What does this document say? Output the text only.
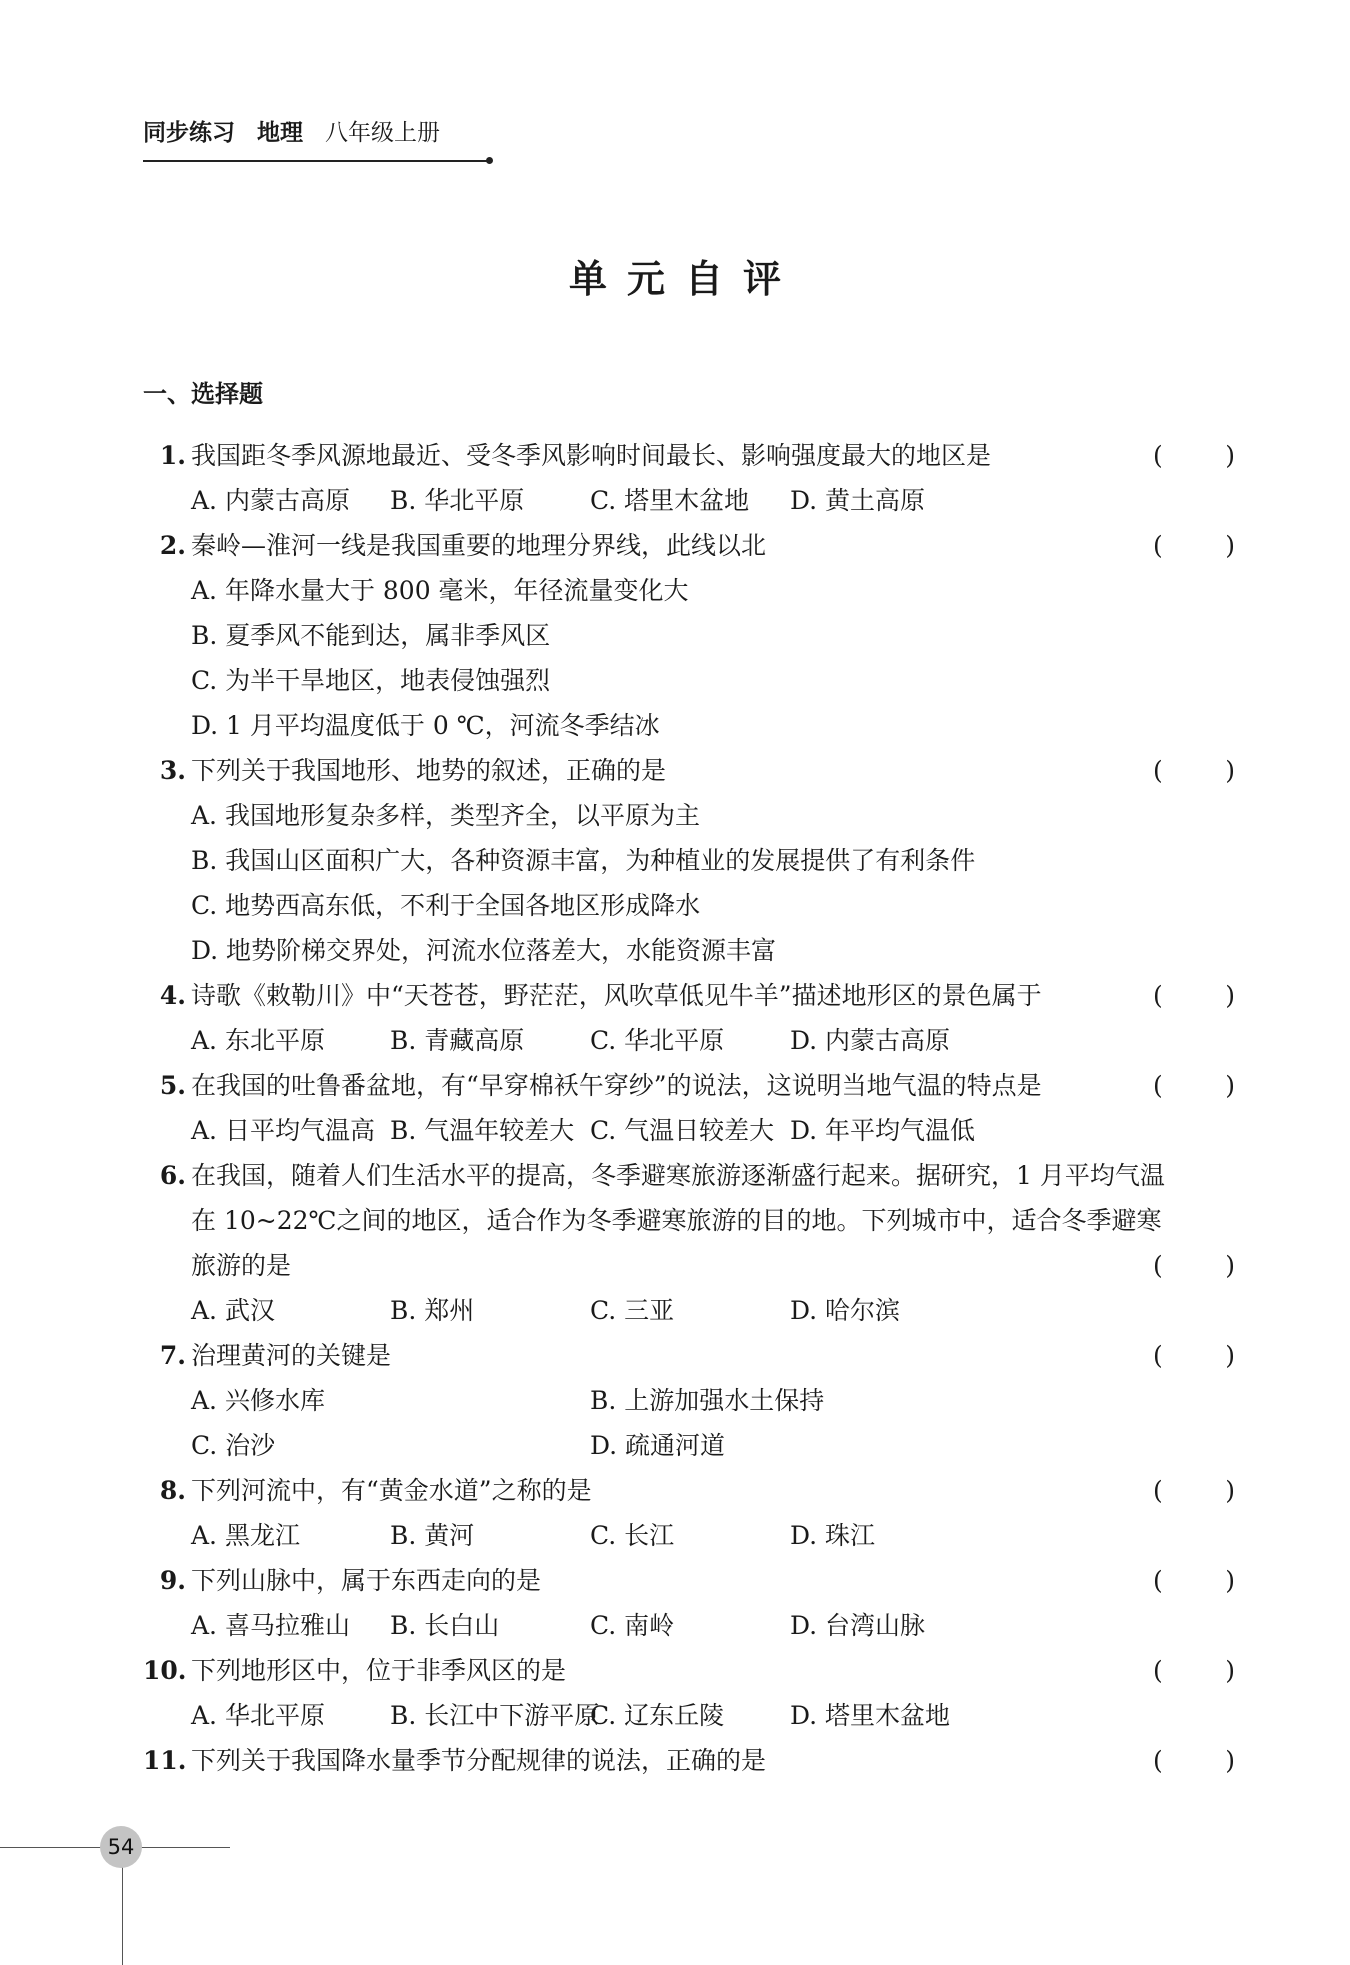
同步练习 地理 八年级上册
单元自评
一、选择题
1. 我国距冬季风源地最近、受冬季风影响时间最长、影响强度最大的地区是	( )
A. 内蒙古高原 B. 华北平原	C. 塔里木盆地 D. 黄土高原
2. 秦岭—淮河一线是我国重要的地理分界线，此线以北	( )
A. 年降水量大于 800 毫米，年径流量变化大
B. 夏季风不能到达，属非季风区
C. 为半干旱地区，地表侵蚀强烈
D. 1 月平均温度低于 0 ℃，河流冬季结冰
3. 下列关于我国地形、地势的叙述，正确的是	( )
A. 我国地形复杂多样，类型齐全，以平原为主
B. 我国山区面积广大，各种资源丰富，为种植业的发展提供了有利条件
C. 地势西高东低，不利于全国各地区形成降水
D. 地势阶梯交界处，河流水位落差大，水能资源丰富
4. 诗歌《敕勒川》中“天苍苍，野茫茫，风吹草低见牛羊”描述地形区的景色属于	( )
A. 东北平原	B. 青藏高原	C. 华北平原	D. 内蒙古高原
5. 在我国的吐鲁番盆地，有“早穿棉袄午穿纱”的说法，这说明当地气温的特点是	( )
A. 日平均气温高 B. 气温年较差大 C. 气温日较差大 D. 年平均气温低
6. 在我国，随着人们生活水平的提高，冬季避寒旅游逐渐盛行起来。据研究，1 月平均气温
在 10~22℃之间的地区，适合作为冬季避寒旅游的目的地。下列城市中，适合冬季避寒
旅游的是	( )
A. 武汉	B. 郑州	C. 三亚	D. 哈尔滨
7. 治理黄河的关键是	( )
A. 兴修水库	B. 上游加强水土保持
C. 治沙	D. 疏通河道
8. 下列河流中，有“黄金水道”之称的是	( )
A. 黑龙江	B. 黄河	C. 长江	D. 珠江
9. 下列山脉中，属于东西走向的是	( )
A. 喜马拉雅山 B. 长白山	C. 南岭	D. 台湾山脉
10. 下列地形区中，位于非季风区的是	( )
A. 华北平原	B. 长江中下游平原
C. 辽东丘陵	D. 塔里木盆地
11. 下列关于我国降水量季节分配规律的说法，正确的是	( )
54
